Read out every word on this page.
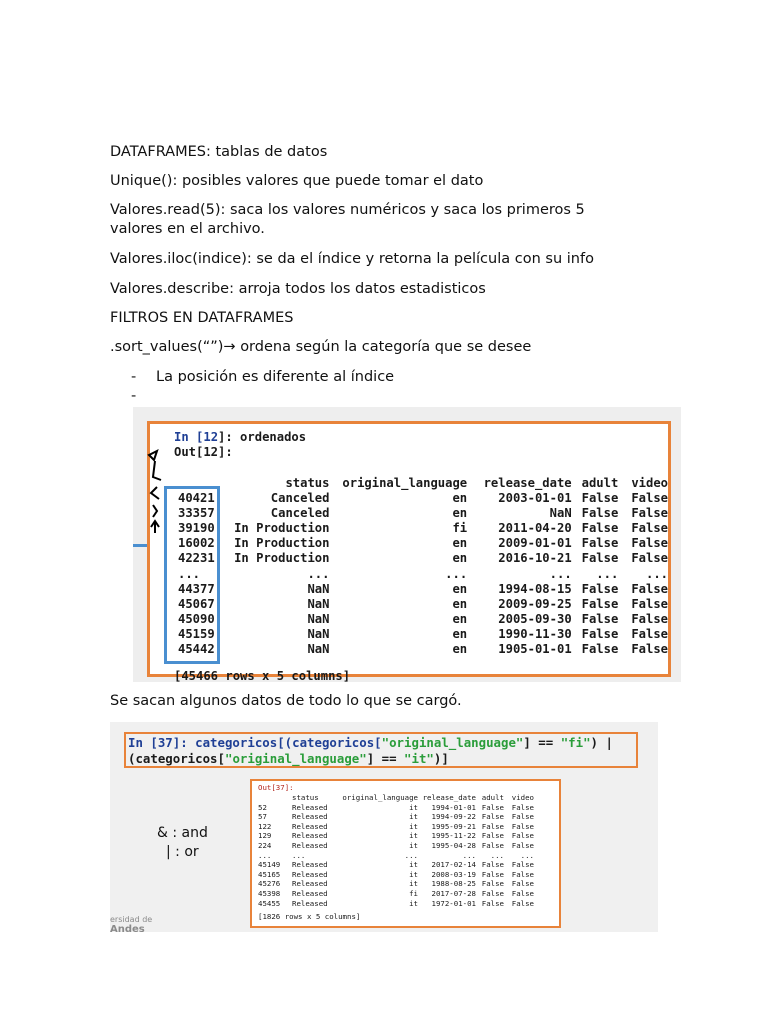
DATAFRAMES: tablas de datos

Unique(): posibles valores que puede tomar el dato

Valores.read(5): saca los valores numéricos y saca los primeros 5

valores en el archivo.

Valores.iloc(indice): se da el índice y retorna la película con su info

Valores.describe: arroja todos los datos estadisticos

FILTROS EN DATAFRAMES

.sort_values(“”)→ ordena según la categoría que se desee

- La posición es diferente al índice
-
In [12]: ordenados
Out[12]:
	status	original_language	release_date	adult	video
40421	Canceled	en	2003-01-01	False	False
33357	Canceled	en	NaN	False	False
39190	In Production	fi	2011-04-20	False	False
16002	In Production	en	2009-01-01	False	False
42231	In Production	en	2016-10-21	False	False
...	...	...	...	...	...
44377	NaN	en	1994-08-15	False	False
45067	NaN	en	2009-09-25	False	False
45090	NaN	en	2005-09-30	False	False
45159	NaN	en	1990-11-30	False	False
45442	NaN	en	1905-01-01	False	False
[45466 rows x 5 columns]

Se sacan algunos datos de todo lo que se cargó.

In [37]: categoricos[(categoricos["original_language"] == "fi") |
(categoricos["original_language"] == "it")]
& : and
| : or
Out[37]:
	status	original_language	release_date	adult	video
52	Released	it	1994-01-01	False	False
57	Released	it	1994-09-22	False	False
122	Released	it	1995-09-21	False	False
129	Released	it	1995-11-22	False	False
224	Released	it	1995-04-28	False	False
...	...	...	...	...	...
45149	Released	it	2017-02-14	False	False
45165	Released	it	2008-03-19	False	False
45276	Released	it	1988-08-25	False	False
45398	Released	fi	2017-07-28	False	False
45455	Released	it	1972-01-01	False	False
[1826 rows x 5 columns]
ersidad de
Andes
